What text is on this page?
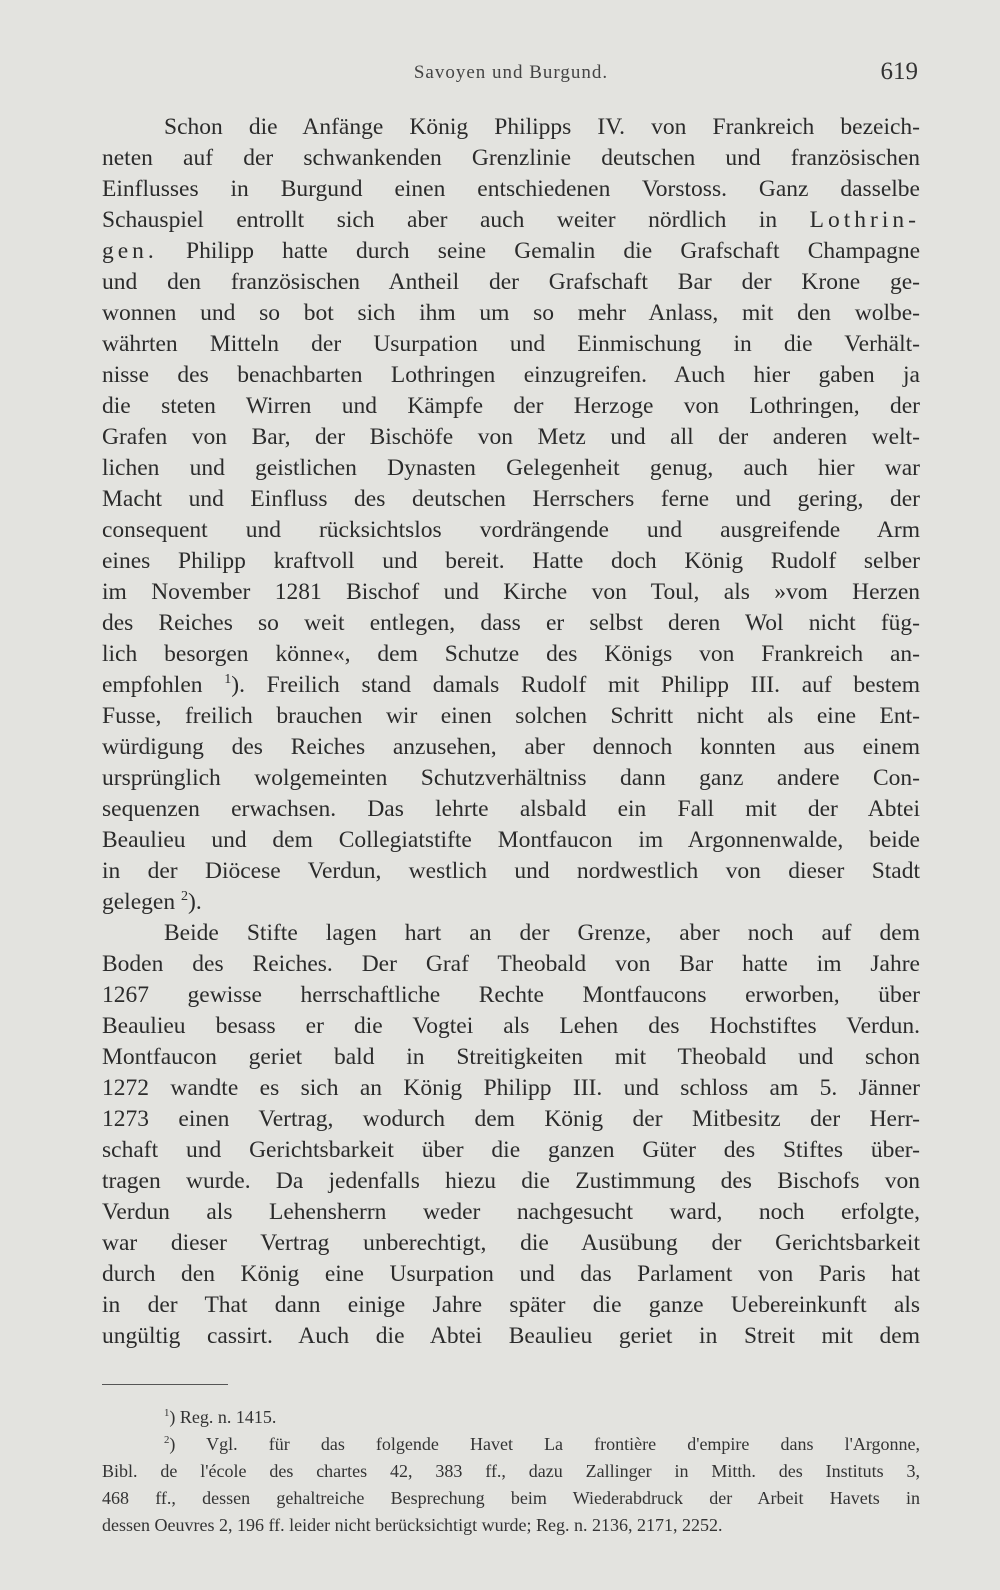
Savoyen und Burgund.	619
Schon die Anfänge König Philipps IV. von Frankreich bezeich-
neten auf der schwankenden Grenzlinie deutschen und französischen
Einflusses in Burgund einen entschiedenen Vorstoss. Ganz dasselbe
Schauspiel entrollt sich aber auch weiter nördlich in Lothrin-
gen. Philipp hatte durch seine Gemalin die Grafschaft Champagne
und den französischen Antheil der Grafschaft Bar der Krone ge-
wonnen und so bot sich ihm um so mehr Anlass, mit den wolbe-
währten Mitteln der Usurpation und Einmischung in die Verhält-
nisse des benachbarten Lothringen einzugreifen. Auch hier gaben ja
die steten Wirren und Kämpfe der Herzoge von Lothringen, der
Grafen von Bar, der Bischöfe von Metz und all der anderen welt-
lichen und geistlichen Dynasten Gelegenheit genug, auch hier war
Macht und Einfluss des deutschen Herrschers ferne und gering, der
consequent und rücksichtslos vordrängende und ausgreifende Arm
eines Philipp kraftvoll und bereit. Hatte doch König Rudolf selber
im November 1281 Bischof und Kirche von Toul, als »vom Herzen
des Reiches so weit entlegen, dass er selbst deren Wol nicht füg-
lich besorgen könne«, dem Schutze des Königs von Frankreich an-
empfohlen $^1$). Freilich stand damals Rudolf mit Philipp III. auf bestem
Fusse, freilich brauchen wir einen solchen Schritt nicht als eine Ent-
würdigung des Reiches anzusehen, aber dennoch konnten aus einem
ursprünglich wolgemeinten Schutzverhältniss dann ganz andere Con-
sequenzen erwachsen. Das lehrte alsbald ein Fall mit der Abtei
Beaulieu und dem Collegiatstifte Montfaucon im Argonnenwalde, beide
in der Diöcese Verdun, westlich und nordwestlich von dieser Stadt
gelegen $^2$).
Beide Stifte lagen hart an der Grenze, aber noch auf dem
Boden des Reiches. Der Graf Theobald von Bar hatte im Jahre
1267 gewisse herrschaftliche Rechte Montfaucons erworben, über
Beaulieu besass er die Vogtei als Lehen des Hochstiftes Verdun.
Montfaucon geriet bald in Streitigkeiten mit Theobald und schon
1272 wandte es sich an König Philipp III. und schloss am 5. Jänner
1273 einen Vertrag, wodurch dem König der Mitbesitz der Herr-
schaft und Gerichtsbarkeit über die ganzen Güter des Stiftes über-
tragen wurde. Da jedenfalls hiezu die Zustimmung des Bischofs von
Verdun als Lehensherrn weder nachgesucht ward, noch erfolgte,
war dieser Vertrag unberechtigt, die Ausübung der Gerichtsbarkeit
durch den König eine Usurpation und das Parlament von Paris hat
in der That dann einige Jahre später die ganze Uebereinkunft als
ungültig cassirt. Auch die Abtei Beaulieu geriet in Streit mit dem
$^1$) Reg. n. 1415.
$^2$) Vgl. für das folgende Havet La frontière d'empire dans l'Argonne,
Bibl. de l'école des chartes 42, 383 ff., dazu Zallinger in Mitth. des Instituts 3,
468 ff., dessen gehaltreiche Besprechung beim Wiederabdruck der Arbeit Havets in
dessen Oeuvres 2, 196 ff. leider nicht berücksichtigt wurde; Reg. n. 2136, 2171, 2252.
